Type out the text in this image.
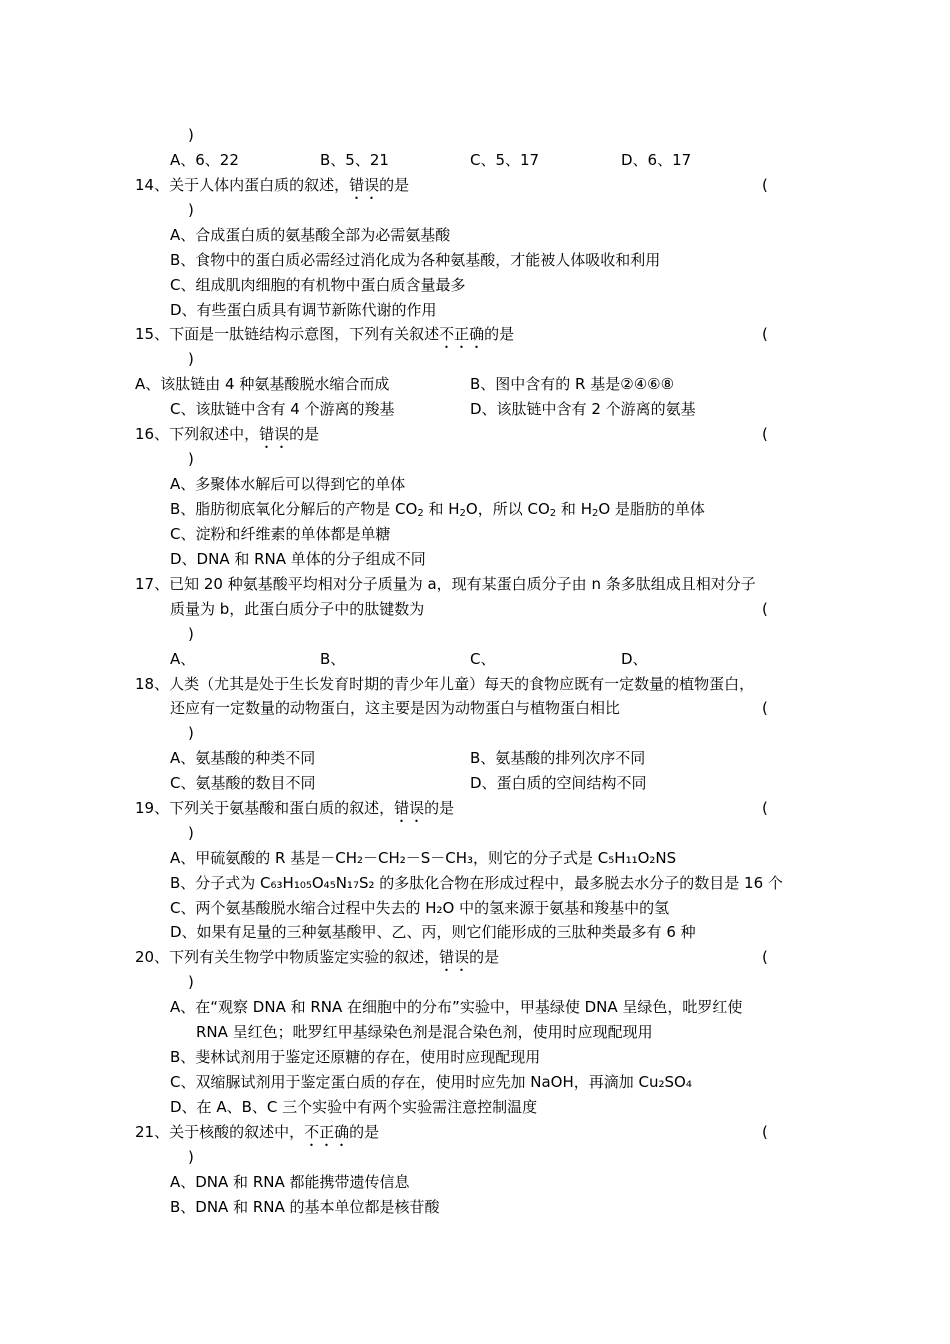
)
A、6、22	B、5、21	C、5、17	D、6、17
14、关于人体内蛋白质的叙述，错误的是	(
)
A、合成蛋白质的氨基酸全部为必需氨基酸
B、食物中的蛋白质必需经过消化成为各种氨基酸，才能被人体吸收和利用
C、组成肌肉细胞的有机物中蛋白质含量最多
D、有些蛋白质具有调节新陈代谢的作用
15、下面是一肽链结构示意图，下列有关叙述不正确的是	(
)
A、该肽链由 4 种氨基酸脱水缩合而成	B、图中含有的 R 基是②④⑥⑧
C、该肽链中含有 4 个游离的羧基	D、该肽链中含有 2 个游离的氨基
16、下列叙述中，错误的是	(
)
A、多聚体水解后可以得到它的单体
B、脂肪彻底氧化分解后的产物是 $CO_2$ 和 $H_2O$，所以 $CO_2$ 和 $H_2O$ 是脂肪的单体
C、淀粉和纤维素的单体都是单糖
D、DNA 和 RNA 单体的分子组成不同
17、已知 20 种氨基酸平均相对分子质量为 a，现有某蛋白质分子由 n 条多肽组成且相对分子
质量为 b，此蛋白质分子中的肽键数为	(
)
A、	B、	C、	D、
18、人类（尤其是处于生长发育时期的青少年儿童）每天的食物应既有一定数量的植物蛋白，
还应有一定数量的动物蛋白，这主要是因为动物蛋白与植物蛋白相比	(
)
A、氨基酸的种类不同	B、氨基酸的排列次序不同
C、氨基酸的数目不同	D、蛋白质的空间结构不同
19、下列关于氨基酸和蛋白质的叙述，错误的是	(
)
A、甲硫氨酸的 R 基是－CH₂－CH₂－S－CH₃，则它的分子式是 C₅H₁₁O₂NS
B、分子式为 C₆₃H₁₀₅O₄₅N₁₇S₂ 的多肽化合物在形成过程中，最多脱去水分子的数目是 16 个
C、两个氨基酸脱水缩合过程中失去的 H₂O 中的氢来源于氨基和羧基中的氢
D、如果有足量的三种氨基酸甲、乙、丙，则它们能形成的三肽种类最多有 6 种
20、下列有关生物学中物质鉴定实验的叙述，错误的是	(
)
A、在“观察 DNA 和 RNA 在细胞中的分布”实验中，甲基绿使 DNA 呈绿色，吡罗红使
RNA 呈红色；吡罗红甲基绿染色剂是混合染色剂，使用时应现配现用
B、斐林试剂用于鉴定还原糖的存在，使用时应现配现用
C、双缩脲试剂用于鉴定蛋白质的存在，使用时应先加 NaOH，再滴加 Cu₂SO₄
D、在 A、B、C 三个实验中有两个实验需注意控制温度
21、关于核酸的叙述中，不正确的是	(
)
A、DNA 和 RNA 都能携带遗传信息
B、DNA 和 RNA 的基本单位都是核苷酸
